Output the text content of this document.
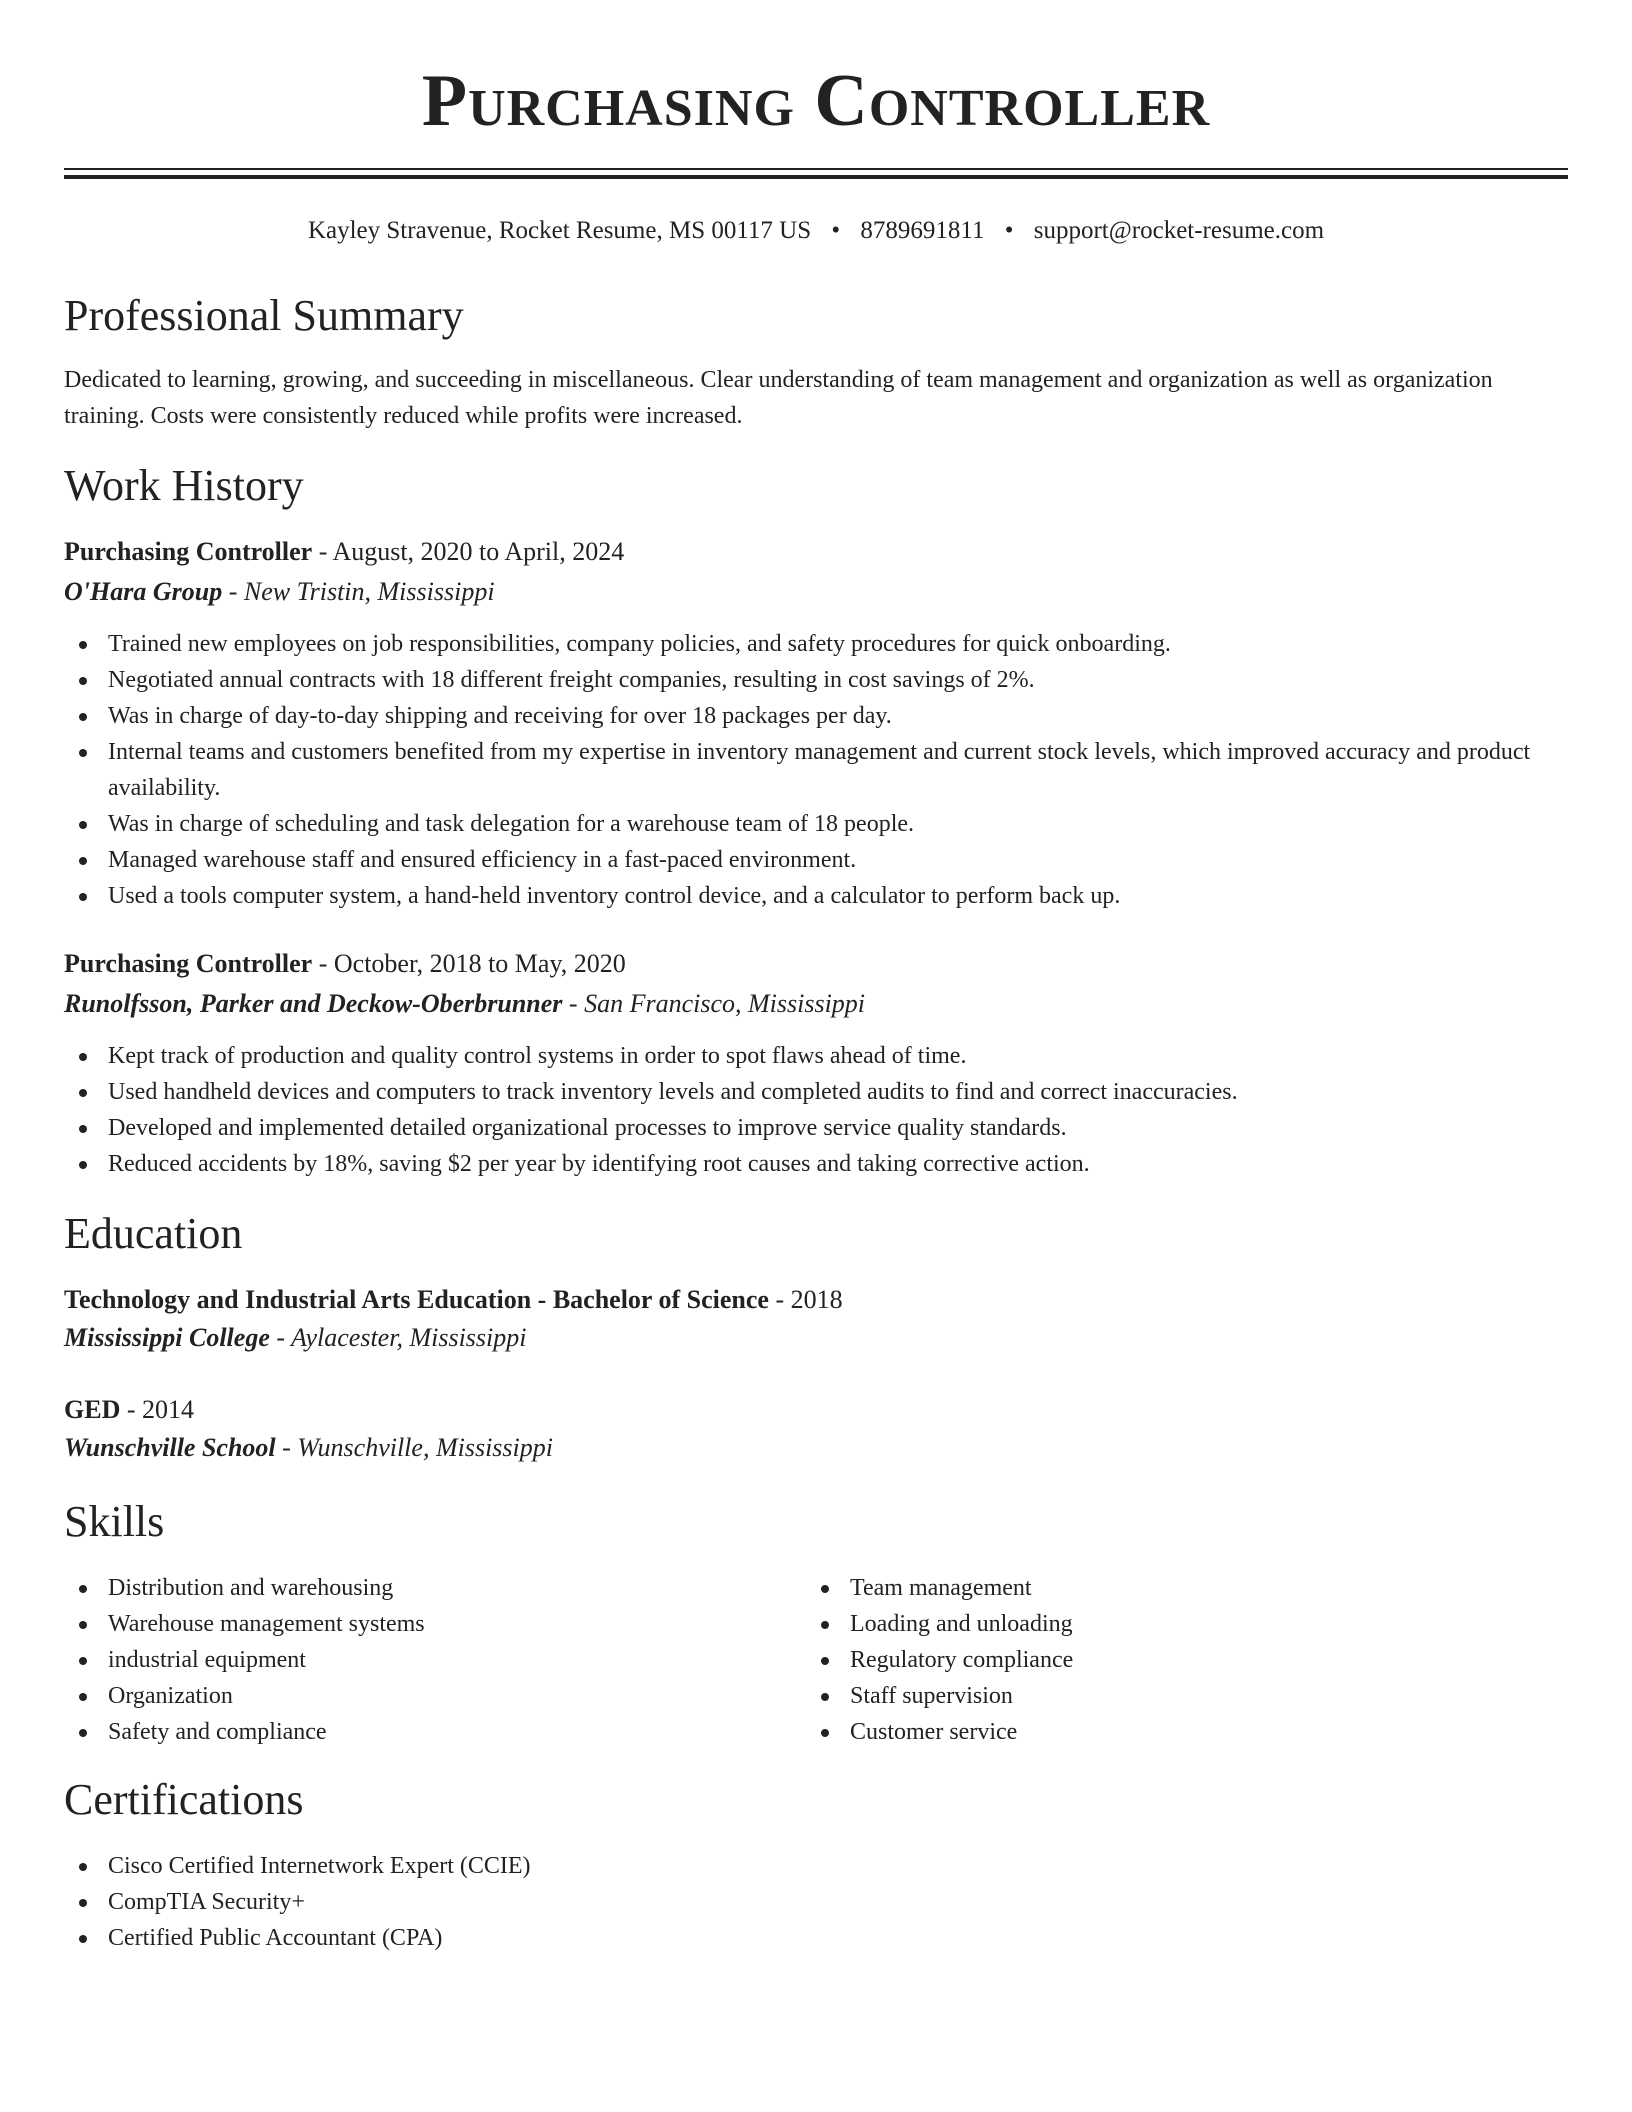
Purchasing Controller
Kayley Stravenue, Rocket Resume, MS 00117 US • 8789691811 • support@rocket-resume.com
Professional Summary
Dedicated to learning, growing, and succeeding in miscellaneous. Clear understanding of team management and organization as well as organization training. Costs were consistently reduced while profits were increased.
Work History
Purchasing Controller - August, 2020 to April, 2024
O'Hara Group - New Tristin, Mississippi
Trained new employees on job responsibilities, company policies, and safety procedures for quick onboarding.
Negotiated annual contracts with 18 different freight companies, resulting in cost savings of 2%.
Was in charge of day-to-day shipping and receiving for over 18 packages per day.
Internal teams and customers benefited from my expertise in inventory management and current stock levels, which improved accuracy and product availability.
Was in charge of scheduling and task delegation for a warehouse team of 18 people.
Managed warehouse staff and ensured efficiency in a fast-paced environment.
Used a tools computer system, a hand-held inventory control device, and a calculator to perform back up.
Purchasing Controller - October, 2018 to May, 2020
Runolfsson, Parker and Deckow-Oberbrunner - San Francisco, Mississippi
Kept track of production and quality control systems in order to spot flaws ahead of time.
Used handheld devices and computers to track inventory levels and completed audits to find and correct inaccuracies.
Developed and implemented detailed organizational processes to improve service quality standards.
Reduced accidents by 18%, saving $2 per year by identifying root causes and taking corrective action.
Education
Technology and Industrial Arts Education - Bachelor of Science - 2018
Mississippi College - Aylacester, Mississippi
GED - 2014
Wunschville School - Wunschville, Mississippi
Skills
Distribution and warehousing
Warehouse management systems
industrial equipment
Organization
Safety and compliance
Team management
Loading and unloading
Regulatory compliance
Staff supervision
Customer service
Certifications
Cisco Certified Internetwork Expert (CCIE)
CompTIA Security+
Certified Public Accountant (CPA)
